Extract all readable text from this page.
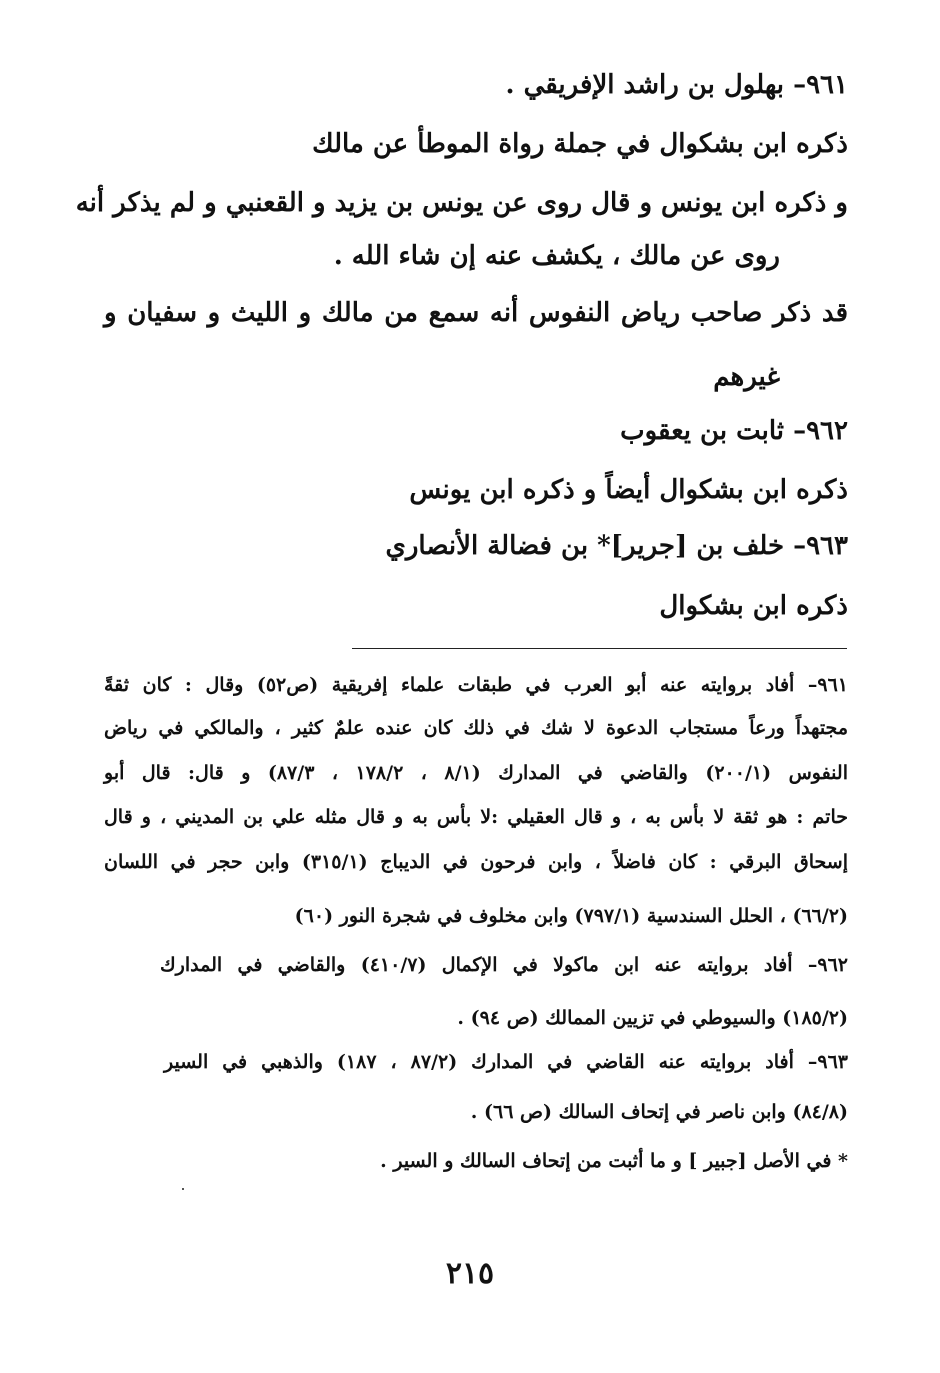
٩٦١– بهلول بن راشد الإفريقي .
ذكره ابن بشكوال في جملة رواة الموطأ عن مالك
و ذكره ابن يونس و قال روى عن يونس بن يزيد و القعنبي و لم يذكر أنه
روى عن مالك ، يكشف عنه إن شاء الله .
قد ذكر صاحب رياض النفوس أنه سمع من مالك و الليث و سفيان و
غيرهم
٩٦٢– ثابت بن يعقوب
ذكره ابن بشكوال أيضاً و ذكره ابن يونس
٩٦٣– خلف بن [جرير]* بن فضالة الأنصاري
ذكره ابن بشكوال
٩٦١– أفاد بروايته عنه أبو العرب في طبقات علماء إفريقية (ص٥٢) وقال : كان ثقةً
مجتهداً ورعاً مستجاب الدعوة لا شك في ذلك كان عنده علمٌ كثير ، والمالكي في رياض
النفوس (٢٠٠/١) والقاضي في المدارك (٨/١ ، ١٧٨/٢ ، ٨٧/٣) و قال: قال أبو
حاتم : هو ثقة لا بأس به ، و قال العقيلي :لا بأس به و قال مثله علي بن المديني ، و قال
إسحاق البرقي : كان فاضلاً ، وابن فرحون في الديباج (٣١٥/١) وابن حجر في اللسان
(٦٦/٢) ، الحلل السندسية (٧٩٧/١) وابن مخلوف في شجرة النور (٦٠)
٩٦٢– أفاد بروايته عنه ابن ماكولا في الإكمال (٤١٠/٧) والقاضي في المدارك
(١٨٥/٢) والسيوطي في تزيين الممالك (ص ٩٤) .
٩٦٣– أفاد بروايته عنه القاضي في المدارك (٨٧/٢ ، ١٨٧) والذهبي في السير
(٨٤/٨) وابن ناصر في إتحاف السالك (ص ٦٦) .
* في الأصل [جبير ] و ما أثبت من إتحاف السالك و السير .
٢١٥
